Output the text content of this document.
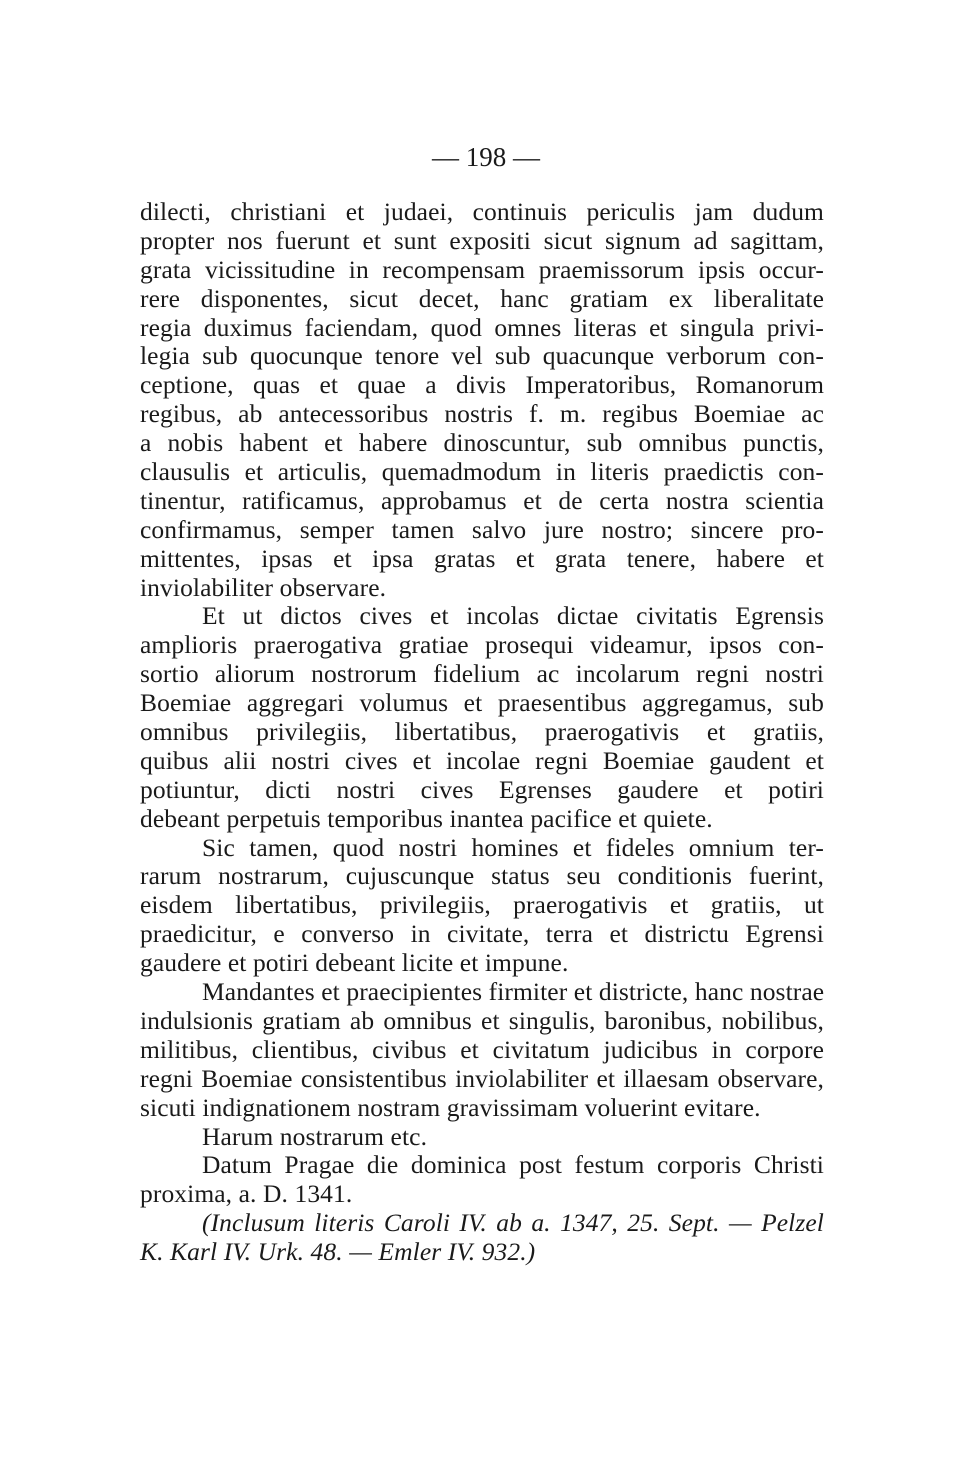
— 198 —
dilecti, christiani et judaei, continuis periculis jam dudum
propter nos fuerunt et sunt expositi sicut signum ad sagittam,
grata vicissitudine in recompensam praemissorum ipsis occur-
rere disponentes, sicut decet, hanc gratiam ex liberalitate
regia duximus faciendam, quod omnes literas et singula privi-
legia sub quocunque tenore vel sub quacunque verborum con-
ceptione, quas et quae a divis Imperatoribus, Romanorum
regibus, ab antecessoribus nostris f. m. regibus Boemiae ac
a nobis habent et habere dinoscuntur, sub omnibus punctis,
clausulis et articulis, quemadmodum in literis praedictis con-
tinentur, ratificamus, approbamus et de certa nostra scientia
confirmamus, semper tamen salvo jure nostro; sincere pro-
mittentes, ipsas et ipsa gratas et grata tenere, habere et
inviolabiliter observare.
Et ut dictos cives et incolas dictae civitatis Egrensis
amplioris praerogativa gratiae prosequi videamur, ipsos con-
sortio aliorum nostrorum fidelium ac incolarum regni nostri
Boemiae aggregari volumus et praesentibus aggregamus, sub
omnibus privilegiis, libertatibus, praerogativis et gratiis,
quibus alii nostri cives et incolae regni Boemiae gaudent et
potiuntur, dicti nostri cives Egrenses gaudere et potiri
debeant perpetuis temporibus inantea pacifice et quiete.
Sic tamen, quod nostri homines et fideles omnium ter-
rarum nostrarum, cujuscunque status seu conditionis fuerint,
eisdem libertatibus, privilegiis, praerogativis et gratiis, ut
praedicitur, e converso in civitate, terra et districtu Egrensi
gaudere et potiri debeant licite et impune.
Mandantes et praecipientes firmiter et districte, hanc nostrae
indulsionis gratiam ab omnibus et singulis, baronibus, nobilibus,
militibus, clientibus, civibus et civitatum judicibus in corpore
regni Boemiae consistentibus inviolabiliter et illaesam observare,
sicuti indignationem nostram gravissimam voluerint evitare.
Harum nostrarum etc.
Datum Pragae die dominica post festum corporis Christi
proxima, a. D. 1341.
(Inclusum literis Caroli IV. ab a. 1347, 25. Sept. — Pelzel
K. Karl IV. Urk. 48. — Emler IV. 932.)
